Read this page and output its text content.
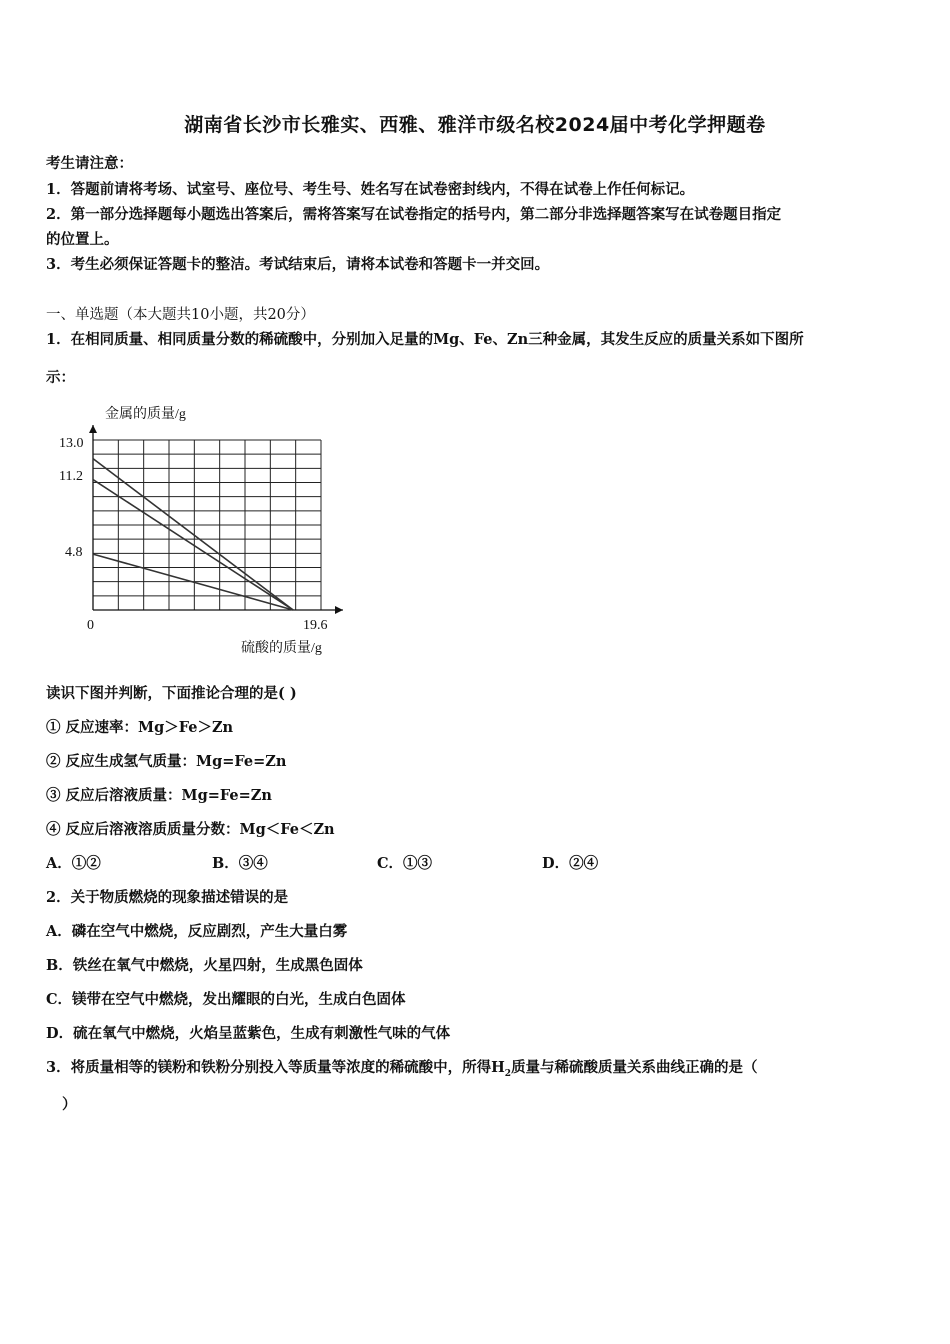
湖南省长沙市长雅实、西雅、雅洋市级名校2024届中考化学押题卷
考生请注意：
1．答题前请将考场、试室号、座位号、考生号、姓名写在试卷密封线内，不得在试卷上作任何标记。
2．第一部分选择题每小题选出答案后，需将答案写在试卷指定的括号内，第二部分非选择题答案写在试卷题目指定
的位置上。
3．考生必须保证答题卡的整洁。考试结束后，请将本试卷和答题卡一并交回。
一、单选题（本大题共10小题，共20分）
1．在相同质量、相同质量分数的稀硫酸中，分别加入足量的Mg、Fe、Zn三种金属，其发生反应的质量关系如下图所
示：
金属的质量/g
硫酸的质量/g
13.0
11.2
4.8
0	19.6
读识下图并判断，下面推论合理的是( )
① 反应速率：Mg＞Fe＞Zn
② 反应生成氢气质量：Mg=Fe=Zn
③ 反应后溶液质量：Mg=Fe=Zn
④ 反应后溶液溶质质量分数：Mg＜Fe＜Zn
A．①②	B．③④	C．①③	D．②④
2．关于物质燃烧的现象描述错误的是
A．磷在空气中燃烧，反应剧烈，产生大量白雾
B．铁丝在氧气中燃烧，火星四射，生成黑色固体
C．镁带在空气中燃烧，发出耀眼的白光，生成白色固体
D．硫在氧气中燃烧，火焰呈蓝紫色，生成有刺激性气味的气体
3．将质量相等的镁粉和铁粉分别投入等质量等浓度的稀硫酸中，所得$H_2$质量与稀硫酸质量关系曲线正确的是（
）
